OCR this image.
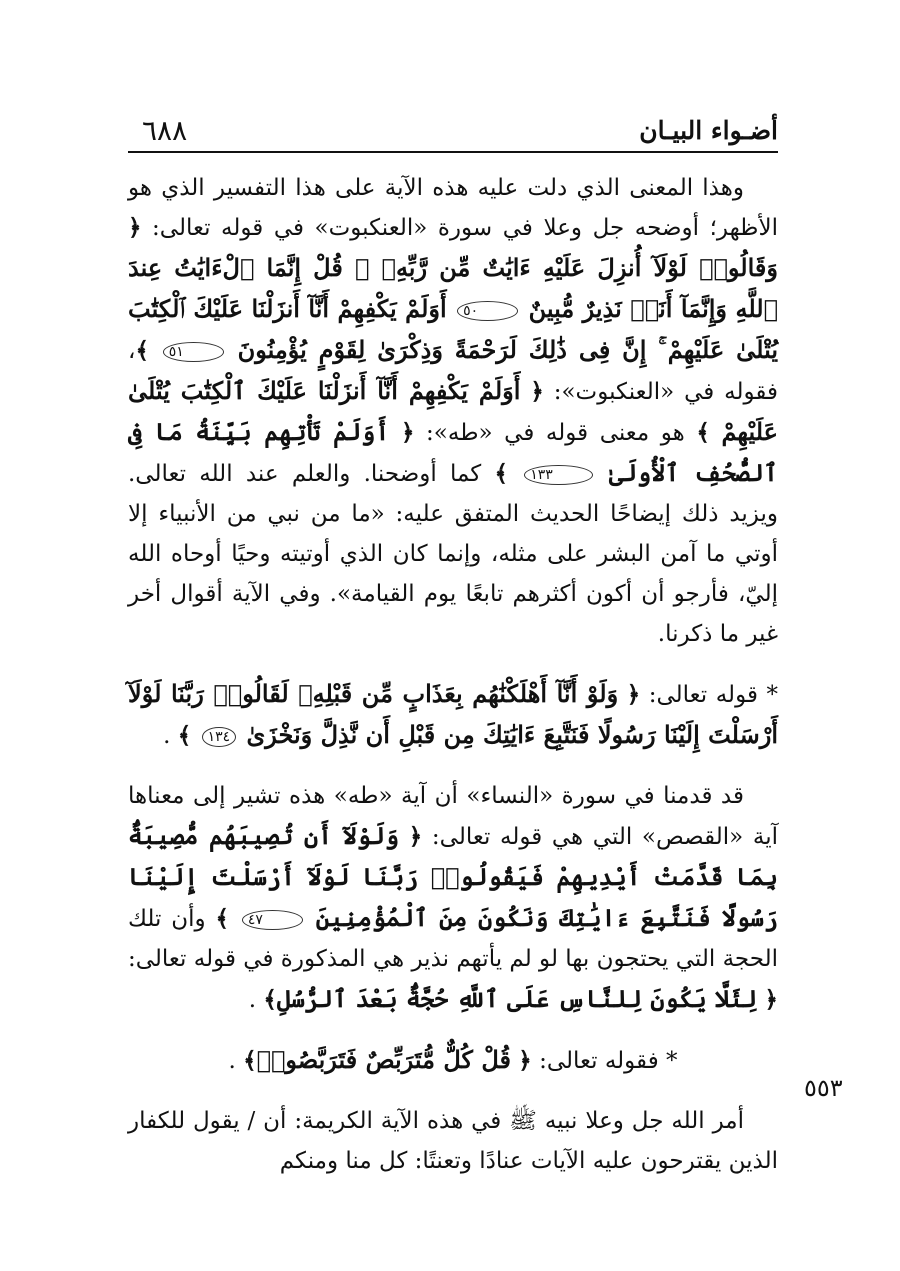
أضـواء البيـان
٦٨٨

وهذا المعنى الذي دلت عليه هذه الآية على هذا التفسير الذي هو الأظهر؛ أوضحه جل وعلا في سورة «العنكبوت» في قوله تعالى: ﴿ وَقَالُوا۟ لَوْلَآ أُنزِلَ عَلَيْهِ ءَايَٰتٌ مِّن رَّبِّهِۦ ۖ قُلْ إِنَّمَا ٱلْءَايَٰتُ عِندَ ٱللَّهِ وَإِنَّمَآ أَنَا۠ نَذِيرٌ مُّبِينٌ ٥٠ أَوَلَمْ يَكْفِهِمْ أَنَّآ أَنزَلْنَا عَلَيْكَ ٱلْكِتَٰبَ يُتْلَىٰ عَلَيْهِمْ ۚ إِنَّ فِى ذَٰلِكَ لَرَحْمَةً وَذِكْرَىٰ لِقَوْمٍ يُؤْمِنُونَ ٥١ ﴾، فقوله في «العنكبوت»: ﴿ أَوَلَمْ يَكْفِهِمْ أَنَّآ أَنزَلْنَا عَلَيْكَ ٱلْكِتَٰبَ يُتْلَىٰ عَلَيْهِمْ ﴾ هو معنى قوله في «طه»: ﴿ أَوَلَمْ تَأْتِهِم بَيِّنَةُ مَا فِى ٱلصُّحُفِ ٱلْأُولَىٰ ١٣٣ ﴾ كما أوضحنا. والعلم عند الله تعالى. ويزيد ذلك إيضاحًا الحديث المتفق عليه: «ما من نبي من الأنبياء إلا أوتي ما آمن البشر على مثله، وإنما كان الذي أوتيته وحيًا أوحاه الله إليّ، فأرجو أن أكون أكثرهم تابعًا يوم القيامة». وفي الآية أقوال أخر غير ما ذكرنا.

* قوله تعالى: ﴿ وَلَوْ أَنَّآ أَهْلَكْنَٰهُم بِعَذَابٍ مِّن قَبْلِهِۦ لَقَالُوا۟ رَبَّنَا لَوْلَآ أَرْسَلْتَ إِلَيْنَا رَسُولًا فَنَتَّبِعَ ءَايَٰتِكَ مِن قَبْلِ أَن نَّذِلَّ وَنَخْزَىٰ ١٣٤ ﴾ .

قد قدمنا في سورة «النساء» أن آية «طه» هذه تشير إلى معناها آية «القصص» التي هي قوله تعالى: ﴿ وَلَوْلَآ أَن تُصِيبَهُم مُّصِيبَةٌۢ بِمَا قَدَّمَتْ أَيْدِيهِمْ فَيَقُولُوا۟ رَبَّنَا لَوْلَآ أَرْسَلْتَ إِلَيْنَا رَسُولًا فَنَتَّبِعَ ءَايَٰتِكَ وَنَكُونَ مِنَ ٱلْمُؤْمِنِينَ ٤٧ ﴾ وأن تلك الحجة التي يحتجون بها لو لم يأتهم نذير هي المذكورة في قوله تعالى: ﴿ لِئَلَّا يَكُونَ لِلنَّاسِ عَلَى ٱللَّهِ حُجَّةٌۢ بَعْدَ ٱلرُّسُلِ﴾ .

* فقوله تعالى: ﴿ قُلْ كُلٌّ مُّتَرَبِّصٌ فَتَرَبَّصُوا۟﴾ .

أمر الله جل وعلا نبيه ﷺ في هذه الآية الكريمة: أن / يقول للكفار الذين يقترحون عليه الآيات عنادًا وتعنتًا: كل منا ومنكم

٥٥٣
